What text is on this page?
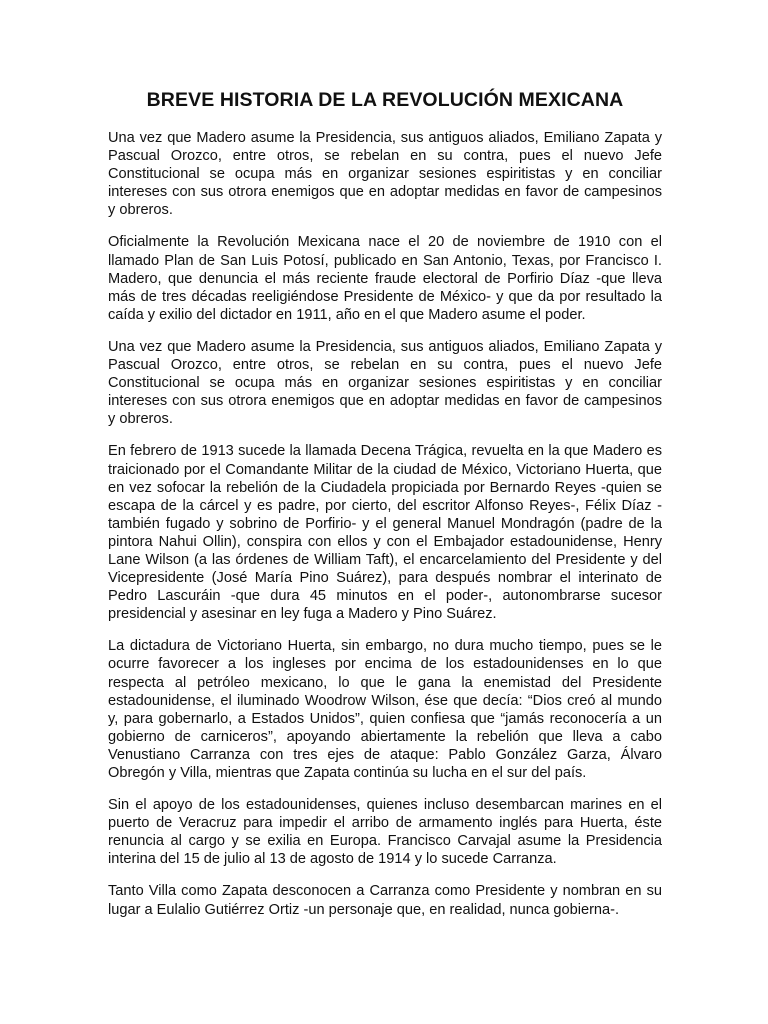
BREVE HISTORIA DE LA REVOLUCIÓN MEXICANA

Una vez que Madero asume la Presidencia, sus antiguos aliados, Emiliano Zapata y Pascual Orozco, entre otros, se rebelan en su contra, pues el nuevo Jefe Constitucional se ocupa más en organizar sesiones espiritistas y en conciliar intereses con sus otrora enemigos que en adoptar medidas en favor de campesinos y obreros.

Oficialmente la Revolución Mexicana nace el 20 de noviembre de 1910 con el llamado Plan de San Luis Potosí, publicado en San Antonio, Texas, por Francisco I. Madero, que denuncia el más reciente fraude electoral de Porfirio Díaz -que lleva más de tres décadas reeligiéndose Presidente de México- y que da por resultado la caída y exilio del dictador en 1911, año en el que Madero asume el poder.

Una vez que Madero asume la Presidencia, sus antiguos aliados, Emiliano Zapata y Pascual Orozco, entre otros, se rebelan en su contra, pues el nuevo Jefe Constitucional se ocupa más en organizar sesiones espiritistas y en conciliar intereses con sus otrora enemigos que en adoptar medidas en favor de campesinos y obreros.

En febrero de 1913 sucede la llamada Decena Trágica, revuelta en la que Madero es traicionado por el Comandante Militar de la ciudad de México, Victoriano Huerta, que en vez sofocar la rebelión de la Ciudadela propiciada por Bernardo Reyes -quien se escapa de la cárcel y es padre, por cierto, del escritor Alfonso Reyes-, Félix Díaz -también fugado y sobrino de Porfirio- y el general Manuel Mondragón (padre de la pintora Nahui Ollin), conspira con ellos y con el Embajador estadounidense, Henry Lane Wilson (a las órdenes de William Taft), el encarcelamiento del Presidente y del Vicepresidente (José María Pino Suárez), para después nombrar el interinato de Pedro Lascuráin -que dura 45 minutos en el poder-, autonombrarse sucesor presidencial y asesinar en ley fuga a Madero y Pino Suárez.

La dictadura de Victoriano Huerta, sin embargo, no dura mucho tiempo, pues se le ocurre favorecer a los ingleses por encima de los estadounidenses en lo que respecta al petróleo mexicano, lo que le gana la enemistad del Presidente estadounidense, el iluminado Woodrow Wilson, ése que decía: “Dios creó al mundo y, para gobernarlo, a Estados Unidos”, quien confiesa que “jamás reconocería a un gobierno de carniceros”, apoyando abiertamente la rebelión que lleva a cabo Venustiano Carranza con tres ejes de ataque: Pablo González Garza, Álvaro Obregón y Villa, mientras que Zapata continúa su lucha en el sur del país.

Sin el apoyo de los estadounidenses, quienes incluso desembarcan marines en el puerto de Veracruz para impedir el arribo de armamento inglés para Huerta, éste renuncia al cargo y se exilia en Europa. Francisco Carvajal asume la Presidencia interina del 15 de julio al 13 de agosto de 1914 y lo sucede Carranza.

Tanto Villa como Zapata desconocen a Carranza como Presidente y nombran en su lugar a Eulalio Gutiérrez Ortiz -un personaje que, en realidad, nunca gobierna-.
